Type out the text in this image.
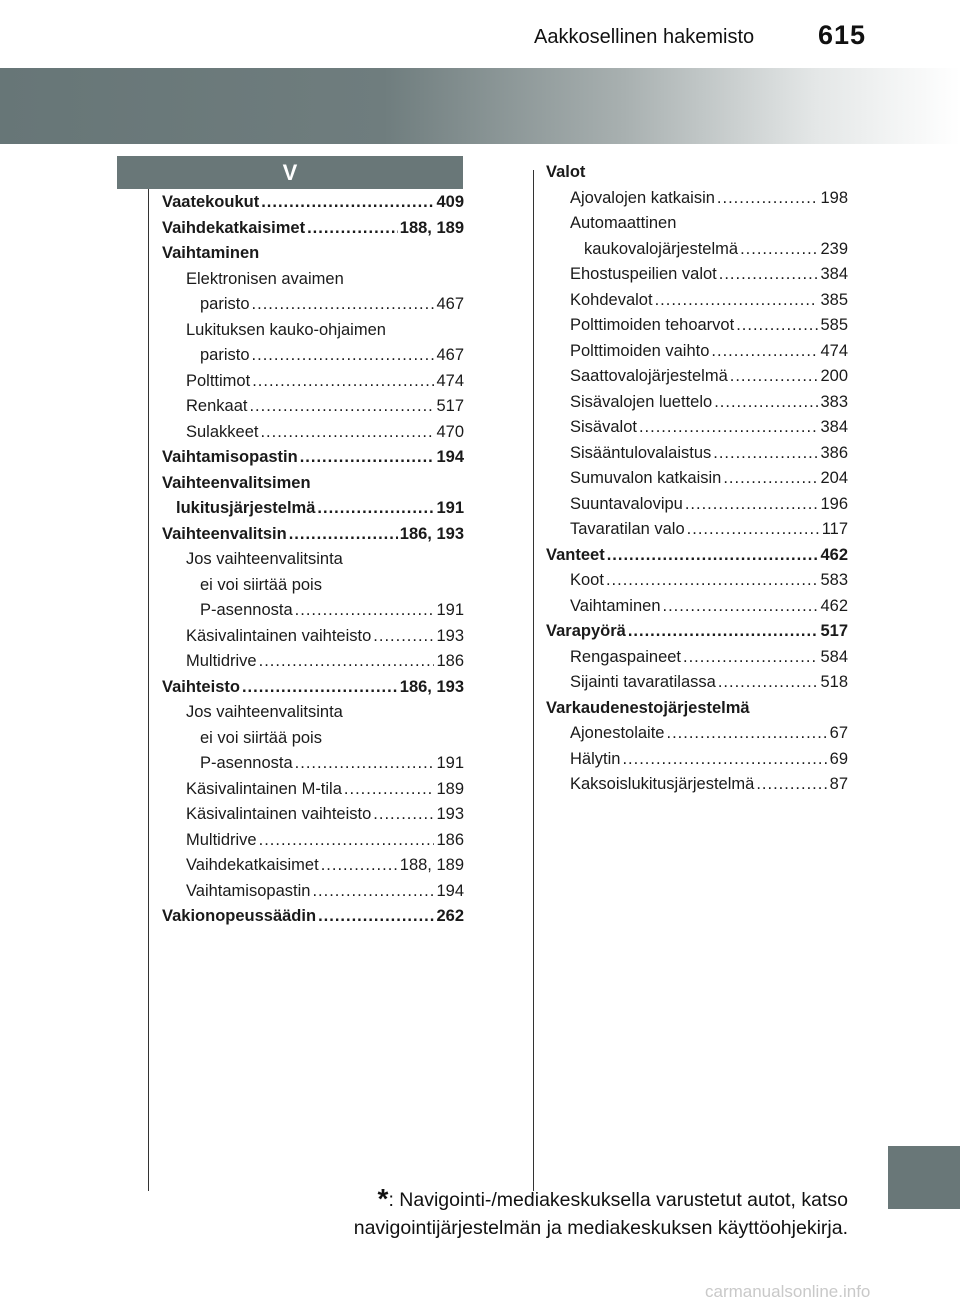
Aakkosellinen hakemisto 615
V
Vaatekoukut .....	409
Vaihdekatkaisimet .....	188, 189
Vaihtaminen
Elektronisen avaimen
paristo .....	467
Lukituksen kauko-ohjaimen
paristo .....	467
Polttimot .....	474
Renkaat .....	517
Sulakkeet .....	470
Vaihtamisopastin .....	194
Vaihteenvalitsimen
lukitusjärjestelmä .....	191
Vaihteenvalitsin .....	186, 193
Jos vaihteenvalitsinta
ei voi siirtää pois
P-asennosta .....	191
Käsivalintainen vaihteisto .....	193
Multidrive .....	186
Vaihteisto .....	186, 193
Jos vaihteenvalitsinta
ei voi siirtää pois
P-asennosta .....	191
Käsivalintainen M-tila .....	189
Käsivalintainen vaihteisto .....	193
Multidrive .....	186
Vaihdekatkaisimet .....	188, 189
Vaihtamisopastin .....	194
Vakionopeussäädin .....	262
Valot
Ajovalojen katkaisin .....	198
Automaattinen
kaukovalojärjestelmä .....	239
Ehostuspeilien valot .....	384
Kohdevalot .....	385
Polttimoiden tehoarvot .....	585
Polttimoiden vaihto .....	474
Saattovalojärjestelmä .....	200
Sisävalojen luettelo .....	383
Sisävalot .....	384
Sisääntulovalaistus .....	386
Sumuvalon katkaisin .....	204
Suuntavalovipu .....	196
Tavaratilan valo .....	117
Vanteet .....	462
Koot .....	583
Vaihtaminen .....	462
Varapyörä .....	517
Rengaspaineet .....	584
Sijainti tavaratilassa .....	518
Varkaudenestojärjestelmä
Ajonestolaite .....	67
Hälytin .....	69
Kaksoislukitusjärjestelmä .....	87
*: Navigointi-/mediakeskuksella varustetut autot, katso
navigointijärjestelmän ja mediakeskuksen käyttöohjekirja.
carmanualsonline.info
